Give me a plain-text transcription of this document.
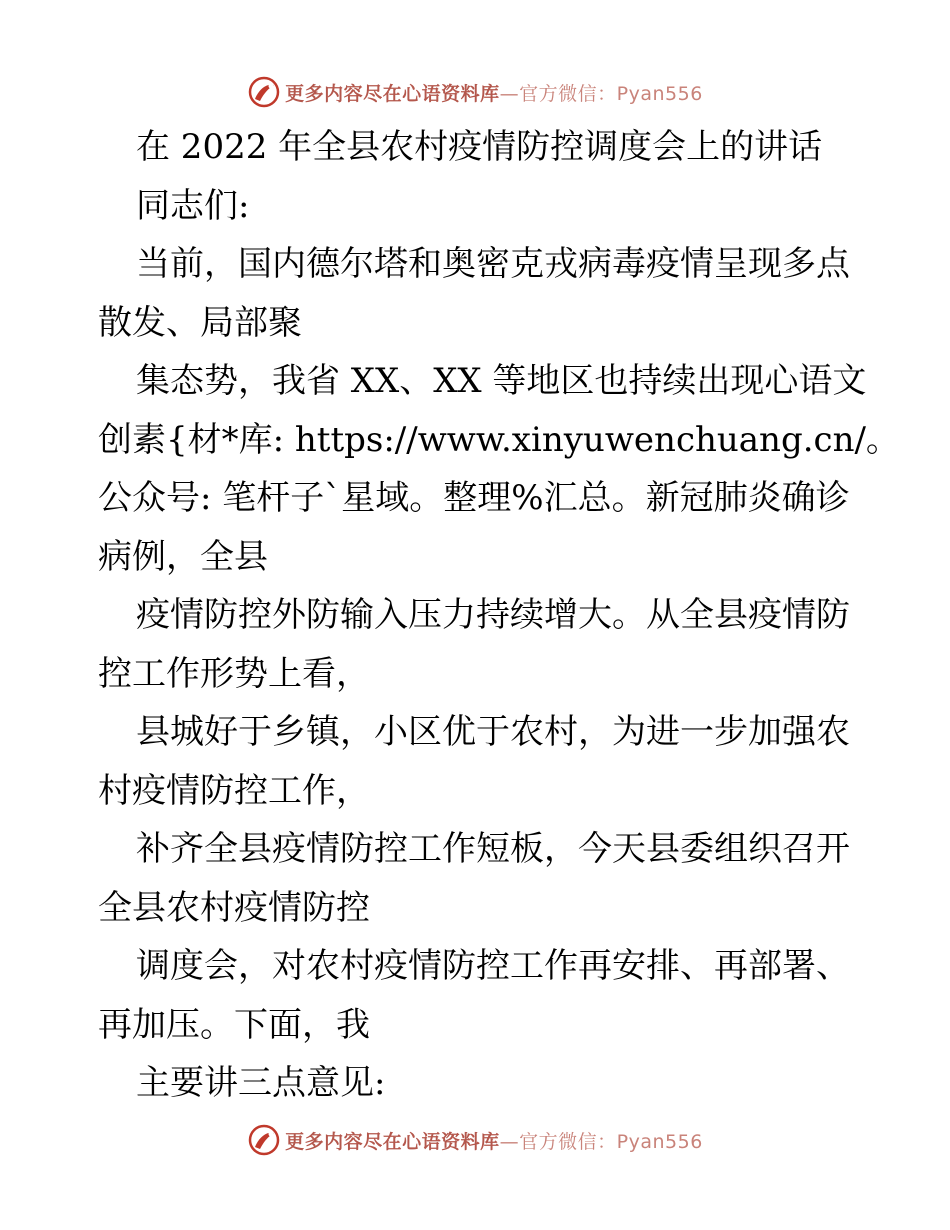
更多内容尽在心语资料库—官方微信：Pyan556
在 2022 年全县农村疫情防控调度会上的讲话
同志们:
当前，国内德尔塔和奥密克戎病毒疫情呈现多点
散发、局部聚
集态势，我省 XX、XX 等地区也持续出现心语文
创素{材*库: https://www.xinyuwenchuang.cn/。
公众号: 笔杆子`星域。整理%汇总。新冠肺炎确诊
病例，全县
疫情防控外防输入压力持续增大。从全县疫情防
控工作形势上看，
县城好于乡镇，小区优于农村，为进一步加强农
村疫情防控工作，
补齐全县疫情防控工作短板，今天县委组织召开
全县农村疫情防控
调度会，对农村疫情防控工作再安排、再部署、
再加压。下面，我
主要讲三点意见:
更多内容尽在心语资料库—官方微信：Pyan556
